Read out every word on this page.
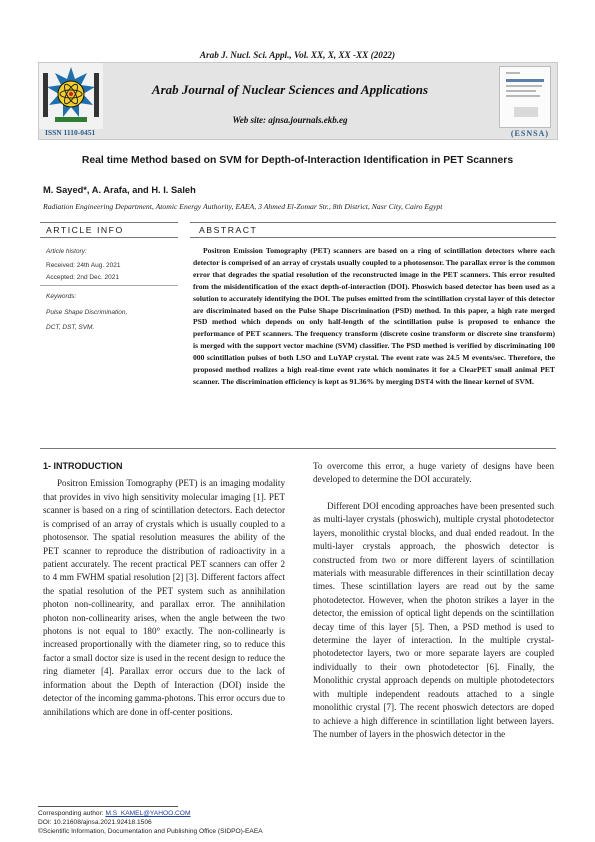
Arab J. Nucl. Sci. Appl., Vol. XX, X, XX -XX (2022)
Arab Journal of Nuclear Sciences and Applications
Web site: ajnsa.journals.ekb.eg
ISSN 1110-0451	(ESNSA)
Real time Method based on SVM for Depth-of-Interaction Identification in PET Scanners
M. Sayed*, A. Arafa, and H. I. Saleh
Radiation Engineering Department, Atomic Energy Authority, EAEA, 3 Ahmed El-Zomar Str., 8th District, Nasr City, Cairo Egypt
ARTICLE INFO	ABSTRACT
Article history:
Received: 24th Aug. 2021
Accepted: 2nd Dec. 2021
Keywords:
Pulse Shape Discrimination,
DCT, DST, SVM.
Positron Emission Tomography (PET) scanners are based on a ring of scintillation detectors where each detector is comprised of an array of crystals usually coupled to a photosensor. The parallax error is the common error that degrades the spatial resolution of the reconstructed image in the PET scanners. This error resulted from the misidentification of the exact depth-of-interaction (DOI). Phoswich based detector has been used as a solution to accurately identifying the DOI. The pulses emitted from the scintillation crystal layer of this detector are discriminated based on the Pulse Shape Discrimination (PSD) method. In this paper, a high rate merged PSD method which depends on only half-length of the scintillation pulse is proposed to enhance the performance of PET scanners. The frequency transform (discrete cosine transform or discrete sine transform) is merged with the support vector machine (SVM) classifier. The PSD method is verified by discriminating 100 000 scintillation pulses of both LSO and LuYAP crystal. The event rate was 24.5 M events/sec. Therefore, the proposed method realizes a high real-time event rate which nominates it for a ClearPET small animal PET scanner. The discrimination efficiency is kept as 91.36% by merging DST4 with the linear kernel of SVM.
1- INTRODUCTION

Positron Emission Tomography (PET) is an imaging modality that provides in vivo high sensitivity molecular imaging [1]. PET scanner is based on a ring of scintillation detectors. Each detector is comprised of an array of crystals which is usually coupled to a photosensor. The spatial resolution measures the ability of the PET scanner to reproduce the distribution of radioactivity in a patient accurately. The recent practical PET scanners can offer 2 to 4 mm FWHM spatial resolution [2] [3]. Different factors affect the spatial resolution of the PET system such as annihilation photon non-collinearity, and parallax error. The annihilation photon non-collinearity arises, when the angle between the two photons is not equal to 180° exactly. The non-collinearly is increased proportionally with the diameter ring, so to reduce this factor a small doctor size is used in the recent design to reduce the ring diameter [4]. Parallax error occurs due to the lack of information about the Depth of Interaction (DOI) inside the detector of the incoming gamma-photons. This error occurs due to annihilations which are done in off-center positions.

To overcome this error, a huge variety of designs have been developed to determine the DOI accurately.

Different DOI encoding approaches have been presented such as multi-layer crystals (phoswich), multiple crystal photodetector layers, monolithic crystal blocks, and dual ended readout. In the multi-layer crystals approach, the phoswich detector is constructed from two or more different layers of scintillation materials with measurable differences in their scintillation decay times. These scintillation layers are read out by the same photodetector. However, when the photon strikes a layer in the detector, the emission of optical light depends on the scintillation decay time of this layer [5]. Then, a PSD method is used to determine the layer of interaction. In the multiple crystal-photodetector layers, two or more separate layers are coupled individually to their own photodetector [6]. Finally, the Monolithic crystal approach depends on multiple photodetectors with multiple independent readouts attached to a single monolithic crystal [7]. The recent phoswich detectors are doped to achieve a high difference in scintillation light between layers. The number of layers in the phoswich detector in the

Corresponding author: M.S_KAMEL@YAHOO.COM
DOI: 10.21608/ajnsa.2021.92418.1506
©Scientific Information, Documentation and Publishing Office (SIDPO)-EAEA
